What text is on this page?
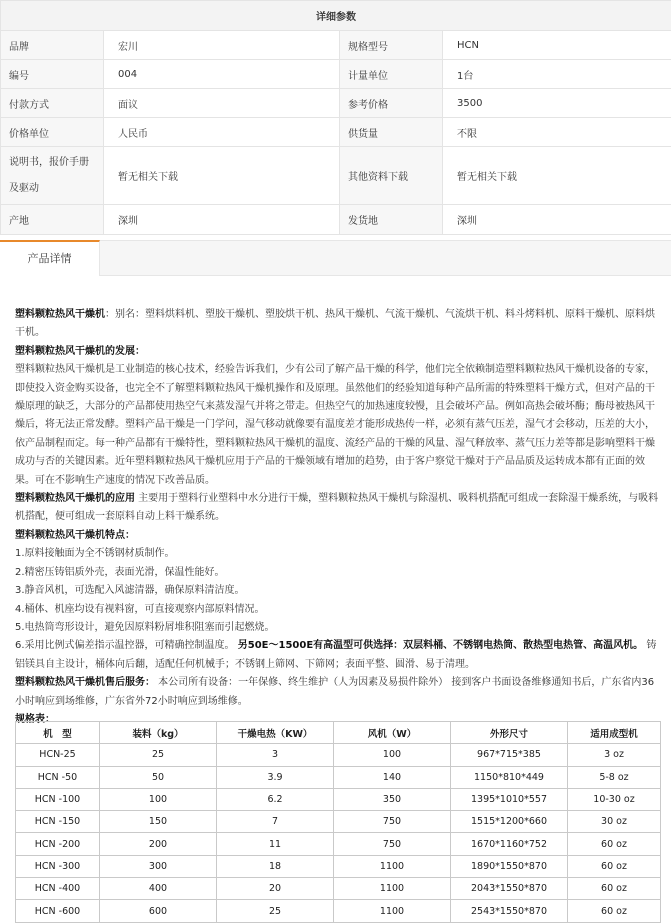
详细参数			
品牌	宏川	规格型号	HCN
编号	004	计量单位	1台
付款方式	面议	参考价格	3500
价格单位	人民币	供货量	不限
说明书，报价手册及驱动	暂无相关下载	其他资料下载	暂无相关下载
产地	深圳	发货地	深圳
产品详情

塑料颗粒热风干燥机：别名：塑料烘料机、塑胶干燥机、塑胶烘干机、热风干燥机、气流干燥机、气流烘干机、料斗烤料机、原料干燥机、原料烘干机。

塑料颗粒热风干燥机的发展：

塑料颗粒热风干燥机是工业制造的核心技术，经验告诉我们，少有公司了解产品干燥的科学，他们完全依赖制造塑料颗粒热风干燥机设备的专家，即使投入资金购买设备，也完全不了解塑料颗粒热风干燥机操作和及原理。虽然他们的经验知道每种产品所需的特殊塑料干燥方式，但对产品的干燥原理的缺乏，大部分的产品都使用热空气来蒸发湿气并将之带走。但热空气的加热速度较慢，且会破坏产品。例如高热会破坏酶；酶母被热风干燥后，将无法正常发酵。塑料产品干燥是一门学问，湿气移动就像要有温度差才能形成热传一样，必须有蒸气压差，湿气才会移动，压差的大小，依产品制程而定。每一种产品都有干燥特性，塑料颗粒热风干燥机的温度、流经产品的干燥的风量、湿气释放率、蒸气压力差等都是影响塑料干燥成功与否的关键因素。近年塑料颗粒热风干燥机应用于产品的干燥领域有增加的趋势，由于客户察觉干燥对于产品品质及运转成本都有正面的效果。可在不影响生产速度的情况下改善品质。

塑料颗粒热风干燥机的应用 主要用于塑料行业塑料中水分进行干燥，塑料颗粒热风干燥机与除湿机、吸料机搭配可组成一套除湿干燥系统，与吸料机搭配，便可组成一套原料自动上料干燥系统。

塑料颗粒热风干燥机特点：

1.原料接触面为全不锈钢材质制作。

2.精密压铸铝质外壳，表面光滑，保温性能好。

3.静音风机，可选配入风滤清器，确保原料清洁度。

4.桶体、机座均设有视料窗，可直接观察内部原料情况。

5.电热筒弯形设计，避免因原料粉屑堆积阻塞而引起燃烧。

6.采用比例式偏差指示温控器，可精确控制温度。 另50E～1500E有高温型可供选择：双层料桶、不锈钢电热筒、散热型电热管、高温风机。 铸铝镁具自主设计，桶体向后翻，适配任何机械手；不锈钢上筛网、下筛网；表面平整、圆滑、易于清理。

塑料颗粒热风干燥机售后服务： 本公司所有设备：一年保修、终生维护（人为因素及易损件除外） 接到客户书面设备维修通知书后，广东省内36小时响应到场维修，广东省外72小时响应到场维修。

规格表：

机　型	装料（kg）	干燥电热（KW）	风机（W）	外形尺寸	适用成型机
HCN-25	25	3	100	967*715*385	3 oz
HCN -50	50	3.9	140	1150*810*449	5-8 oz
HCN -100	100	6.2	350	1395*1010*557	10-30 oz
HCN -150	150	7	750	1515*1200*660	30 oz
HCN -200	200	11	750	1670*1160*752	60 oz
HCN -300	300	18	1100	1890*1550*870	60 oz
HCN -400	400	20	1100	2043*1550*870	60 oz
HCN -600	600	25	1100	2543*1550*870	60 oz
